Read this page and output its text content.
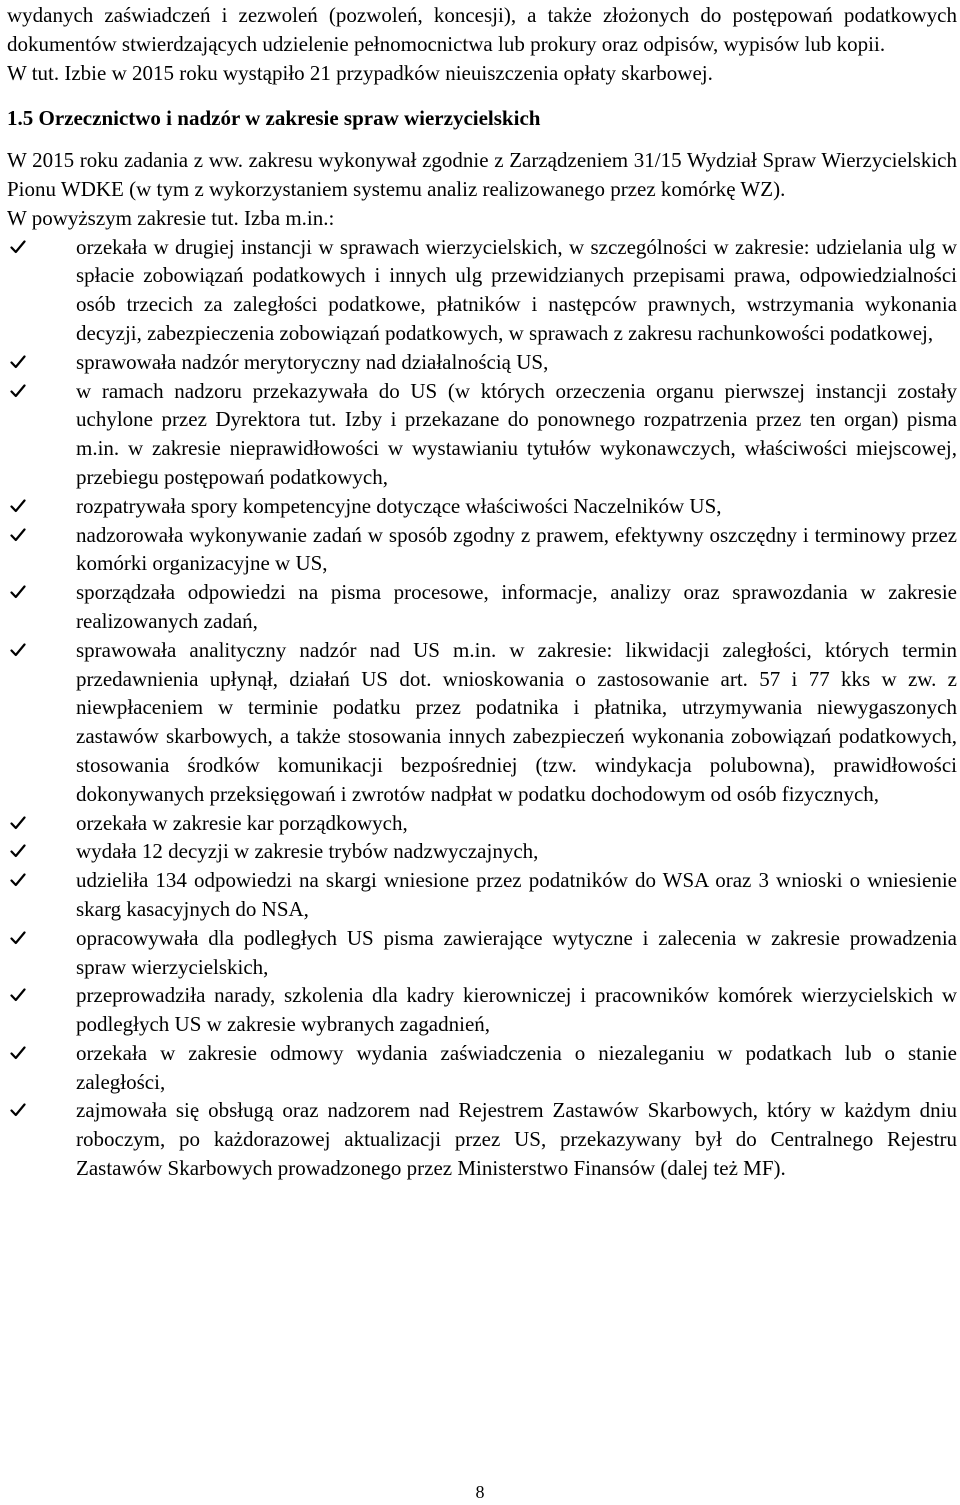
wydanych zaświadczeń i zezwoleń (pozwoleń, koncesji), a także złożonych do postępowań podatkowych dokumentów stwierdzających udzielenie pełnomocnictwa lub prokury oraz odpisów, wypisów lub kopii.

W tut. Izbie w 2015 roku wystąpiło 21 przypadków nieuiszczenia opłaty skarbowej.

1.5 Orzecznictwo i nadzór w zakresie spraw wierzycielskich

W 2015 roku zadania z ww. zakresu wykonywał zgodnie z Zarządzeniem 31/15 Wydział Spraw Wierzycielskich Pionu WDKE (w tym z wykorzystaniem systemu analiz realizowanego przez komórkę WZ).

W powyższym zakresie tut. Izba m.in.:

orzekała w drugiej instancji w sprawach wierzycielskich, w szczególności w zakresie: udzielania ulg w spłacie zobowiązań podatkowych i innych ulg przewidzianych przepisami prawa, odpowiedzialności osób trzecich za zaległości podatkowe, płatników i następców prawnych, wstrzymania wykonania decyzji, zabezpieczenia zobowiązań podatkowych, w sprawach z zakresu rachunkowości podatkowej,
sprawowała nadzór merytoryczny nad działalnością US,
w ramach nadzoru przekazywała do US (w których orzeczenia organu pierwszej instancji zostały uchylone przez Dyrektora tut. Izby i przekazane do ponownego rozpatrzenia przez ten organ) pisma m.in. w zakresie nieprawidłowości w wystawianiu tytułów wykonawczych, właściwości miejscowej, przebiegu postępowań podatkowych,
rozpatrywała spory kompetencyjne dotyczące właściwości Naczelników US,
nadzorowała wykonywanie zadań w sposób zgodny z prawem, efektywny oszczędny i terminowy przez komórki organizacyjne w US,
sporządzała odpowiedzi na pisma procesowe, informacje, analizy oraz sprawozdania w zakresie realizowanych zadań,
sprawowała analityczny nadzór nad US m.in. w zakresie: likwidacji zaległości, których termin przedawnienia upłynął, działań US dot. wnioskowania o zastosowanie art. 57 i 77 kks w zw. z niewpłaceniem w terminie podatku przez podatnika i płatnika, utrzymywania niewygaszonych zastawów skarbowych, a także stosowania innych zabezpieczeń wykonania zobowiązań podatkowych, stosowania środków komunikacji bezpośredniej (tzw. windykacja polubowna), prawidłowości dokonywanych przeksięgowań i zwrotów nadpłat w podatku dochodowym od osób fizycznych,
orzekała w zakresie kar porządkowych,
wydała 12 decyzji w zakresie trybów nadzwyczajnych,
udzieliła 134 odpowiedzi na skargi wniesione przez podatników do WSA oraz 3 wnioski o wniesienie skarg kasacyjnych do NSA,
opracowywała dla podległych US pisma zawierające wytyczne i zalecenia w zakresie prowadzenia spraw wierzycielskich,
przeprowadziła narady, szkolenia dla kadry kierowniczej i pracowników komórek wierzycielskich w podległych US w zakresie wybranych zagadnień,
orzekała w zakresie odmowy wydania zaświadczenia o niezaleganiu w podatkach lub o stanie zaległości,
zajmowała się obsługą oraz nadzorem nad Rejestrem Zastawów Skarbowych, który w każdym dniu roboczym, po każdorazowej aktualizacji przez US, przekazywany był do Centralnego Rejestru Zastawów Skarbowych prowadzonego przez Ministerstwo Finansów (dalej też MF).
8
